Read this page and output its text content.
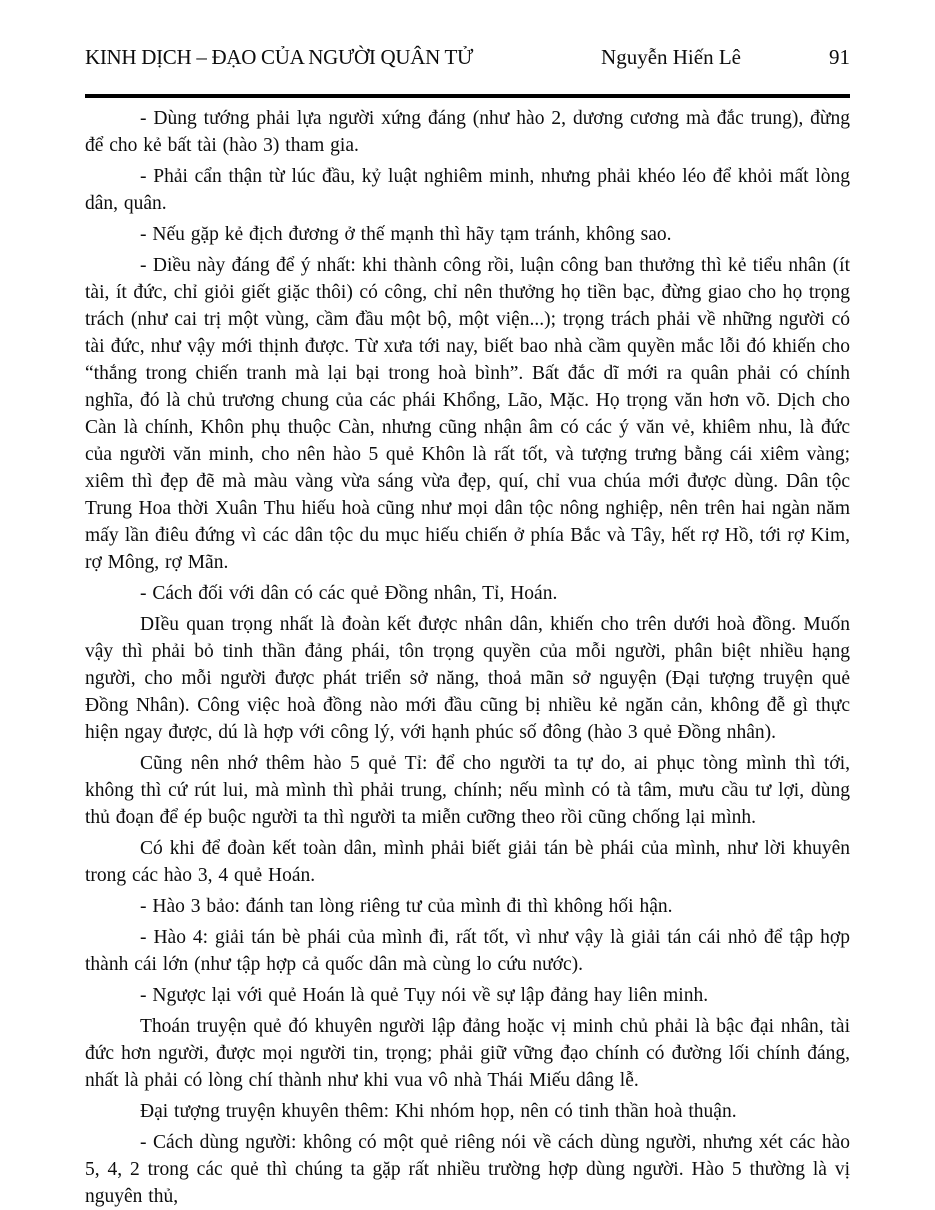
KINH DỊCH – ĐẠO CỦA NGƯỜI QUÂN TỬ	Nguyễn Hiến Lê	91

- Dùng tướng phải lựa người xứng đáng (như hào 2, dương cương mà đắc trung), đừng để cho kẻ bất tài (hào 3) tham gia.

- Phải cẩn thận từ lúc đầu, kỷ luật nghiêm minh, nhưng phải khéo léo để khỏi mất lòng dân, quân.

- Nếu gặp kẻ địch đương ở thế mạnh thì hãy tạm tránh, không sao.

- Diều này đáng để ý nhất: khi thành công rồi, luận công ban thưởng thì kẻ tiểu nhân (ít tài, ít đức, chỉ giỏi giết giặc thôi) có công, chỉ nên thưởng họ tiền bạc, đừng giao cho họ trọng trách (như cai trị một vùng, cầm đầu một bộ, một viện...); trọng trách phải về những người có tài đức, như vậy mới thịnh được. Từ xưa tới nay, biết bao nhà cầm quyền mắc lỗi đó khiến cho “thắng trong chiến tranh mà lại bại trong hoà bình”. Bất đắc dĩ mới ra quân phải có chính nghĩa, đó là chủ trương chung của các phái Khổng, Lão, Mặc. Họ trọng văn hơn võ. Dịch cho Càn là chính, Khôn phụ thuộc Càn, nhưng cũng nhận âm có các ý văn vẻ, khiêm nhu, là đức của người văn minh, cho nên hào 5 quẻ Khôn là rất tốt, và tượng trưng bằng cái xiêm vàng; xiêm thì đẹp đẽ mà màu vàng vừa sáng vừa đẹp, quí, chỉ vua chúa mới được dùng. Dân tộc Trung Hoa thời Xuân Thu hiếu hoà cũng như mọi dân tộc nông nghiệp, nên trên hai ngàn năm mấy lần điêu đứng vì các dân tộc du mục hiếu chiến ở phía Bắc và Tây, hết rợ Hồ, tới rợ Kim, rợ Mông, rợ Mãn.

- Cách đối với dân có các quẻ Đồng nhân, Tỉ, Hoán.

DIều quan trọng nhất là đoàn kết được nhân dân, khiến cho trên dưới hoà đồng. Muốn vậy thì phải bỏ tinh thần đảng phái, tôn trọng quyền của mỗi người, phân biệt nhiều hạng người, cho mỗi người được phát triển sở năng, thoả mãn sở nguyện (Đại tượng truyện quẻ Đồng Nhân). Công việc hoà đồng nào mới đầu cũng bị nhiều kẻ ngăn cản, không đễ gì thực hiện ngay được, dú là hợp với công lý, với hạnh phúc số đông (hào 3 quẻ Đồng nhân).

Cũng nên nhớ thêm hào 5 quẻ Tỉ: để cho người ta tự do, ai phục tòng mình thì tới, không thì cứ rút lui, mà mình thì phải trung, chính; nếu mình có tà tâm, mưu cầu tư lợi, dùng thủ đoạn để ép buộc người ta thì người ta miễn cưỡng theo rồi cũng chống lại mình.

Có khi để đoàn kết toàn dân, mình phải biết giải tán bè phái của mình, như lời khuyên trong các hào 3, 4 quẻ Hoán.

- Hào 3 bảo: đánh tan lòng riêng tư của mình đi thì không hối hận.

- Hào 4: giải tán bè phái của mình đi, rất tốt, vì như vậy là giải tán cái nhỏ để tập hợp thành cái lớn (như tập hợp cả quốc dân mà cùng lo cứu nước).

- Ngược lại với quẻ Hoán là quẻ Tụy nói về sự lập đảng hay liên minh.

Thoán truyện quẻ đó khuyên người lập đảng hoặc vị minh chủ phải là bậc đại nhân, tài đức hơn người, được mọi người tin, trọng; phải giữ vững đạo chính có đường lối chính đáng, nhất là phải có lòng chí thành như khi vua vô nhà Thái Miếu dâng lễ.

Đại tượng truyện khuyên thêm: Khi nhóm họp, nên có tinh thần hoà thuận.

- Cách dùng người: không có một quẻ riêng nói về cách dùng người, nhưng xét các hào 5, 4, 2 trong các quẻ thì chúng ta gặp rất nhiều trường hợp dùng người. Hào 5 thường là vị nguyên thủ,
